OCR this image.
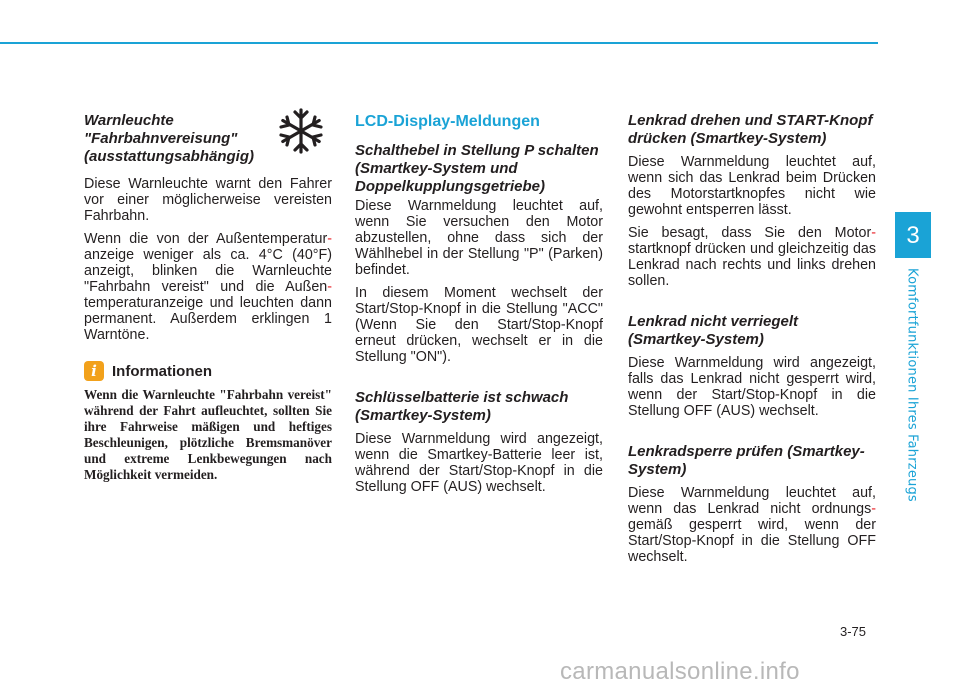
3
Komfortfunktionen Ihres Fahrzeugs
Warnleuchte "Fahrbahnvereisung" (ausstattungsabhängig)

Diese Warnleuchte warnt den Fahrer vor einer möglicherweise vereisten Fahrbahn.

Wenn die von der Außentemperatur- anzeige weniger als ca. 4°C (40°F) anzeigt, blinken die Warnleuchte "Fahrbahn vereist" und die Außen- temperaturanzeige und leuchten dann permanent. Außerdem erklingen 1 Warntöne.

i	Informationen
Wenn die Warnleuchte "Fahrbahn vereist" während der Fahrt aufleuchtet, sollten Sie ihre Fahrweise mäßigen und heftiges Beschleunigen, plötzliche Bremsmanöver und extreme Lenkbewegungen nach Möglichkeit vermeiden.
LCD-Display-Meldungen
Schalthebel in Stellung P schalten (Smartkey-System und Doppelkupplungsgetriebe)

Diese Warnmeldung leuchtet auf, wenn Sie versuchen den Motor abzustellen, ohne dass sich der Wählhebel in der Stellung "P" (Parken) befindet.

In diesem Moment wechselt der Start/Stop-Knopf in die Stellung "ACC" (Wenn Sie den Start/Stop-Knopf erneut drücken, wechselt er in die Stellung "ON").

Schlüsselbatterie ist schwach (Smartkey-System)

Diese Warnmeldung wird angezeigt, wenn die Smartkey-Batterie leer ist, während der Start/Stop-Knopf in die Stellung OFF (AUS) wechselt.

Lenkrad drehen und START-Knopf drücken (Smartkey-System)

Diese Warnmeldung leuchtet auf, wenn sich das Lenkrad beim Drücken des Motorstartknopfes nicht wie gewohnt entsperren lässt.

Sie besagt, dass Sie den Motor- startknopf drücken und gleichzeitig das Lenkrad nach rechts und links drehen sollen.

Lenkrad nicht verriegelt (Smartkey-System)

Diese Warnmeldung wird angezeigt, falls das Lenkrad nicht gesperrt wird, wenn der Start/Stop-Knopf in die Stellung OFF (AUS) wechselt.

Lenkradsperre prüfen (Smartkey-System)

Diese Warnmeldung leuchtet auf, wenn das Lenkrad nicht ordnungs- gemäß gesperrt wird, wenn der Start/Stop-Knopf in die Stellung OFF wechselt.

3-75
carmanualsonline.info
